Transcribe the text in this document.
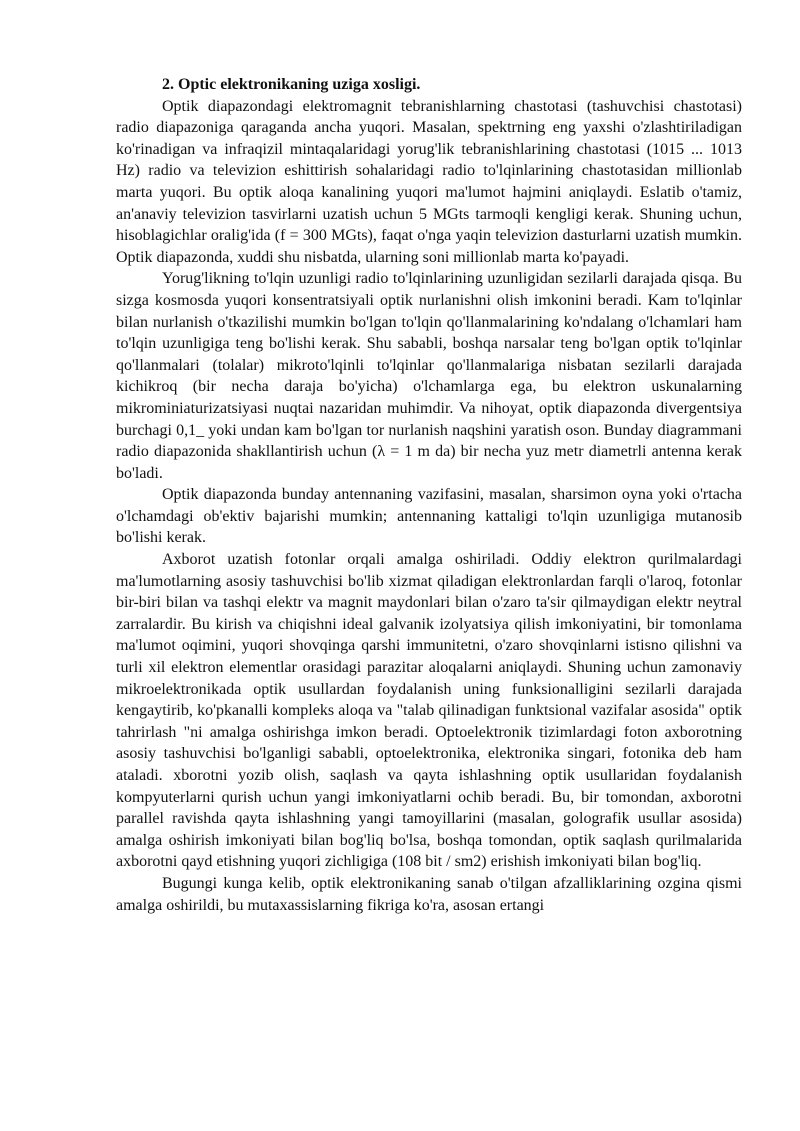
2. Optic elektronikaning uziga xosligi.

Optik diapazondagi elektromagnit tebranishlarning chastotasi (tashuvchisi chastotasi) radio diapazoniga qaraganda ancha yuqori. Masalan, spektrning eng yaxshi o'zlashtiriladigan ko'rinadigan va infraqizil mintaqalaridagi yorug'lik tebranishlarining chastotasi (1015 ... 1013 Hz) radio va televizion eshittirish sohalaridagi radio to'lqinlarining chastotasidan millionlab marta yuqori. Bu optik aloqa kanalining yuqori ma'lumot hajmini aniqlaydi. Eslatib o'tamiz, an'anaviy televizion tasvirlarni uzatish uchun 5 MGts tarmoqli kengligi kerak. Shuning uchun, hisoblagichlar oralig'ida (f = 300 MGts), faqat o'nga yaqin televizion dasturlarni uzatish mumkin. Optik diapazonda, xuddi shu nisbatda, ularning soni millionlab marta ko'payadi.

Yorug'likning to'lqin uzunligi radio to'lqinlarining uzunligidan sezilarli darajada qisqa. Bu sizga kosmosda yuqori konsentratsiyali optik nurlanishni olish imkonini beradi. Kam to'lqinlar bilan nurlanish o'tkazilishi mumkin bo'lgan to'lqin qo'llanmalarining ko'ndalang o'lchamlari ham to'lqin uzunligiga teng bo'lishi kerak. Shu sababli, boshqa narsalar teng bo'lgan optik to'lqinlar qo'llanmalari (tolalar) mikroto'lqinli to'lqinlar qo'llanmalariga nisbatan sezilarli darajada kichikroq (bir necha daraja bo'yicha) o'lchamlarga ega, bu elektron uskunalarning mikrominiaturizatsiyasi nuqtai nazaridan muhimdir. Va nihoyat, optik diapazonda divergentsiya burchagi 0,1_ yoki undan kam bo'lgan tor nurlanish naqshini yaratish oson. Bunday diagrammani radio diapazonida shakllantirish uchun (λ = 1 m da) bir necha yuz metr diametrli antenna kerak bo'ladi.

Optik diapazonda bunday antennaning vazifasini, masalan, sharsimon oyna yoki o'rtacha o'lchamdagi ob'ektiv bajarishi mumkin; antennaning kattaligi to'lqin uzunligiga mutanosib bo'lishi kerak.

Axborot uzatish fotonlar orqali amalga oshiriladi. Oddiy elektron qurilmalardagi ma'lumotlarning asosiy tashuvchisi bo'lib xizmat qiladigan elektronlardan farqli o'laroq, fotonlar bir-biri bilan va tashqi elektr va magnit maydonlari bilan o'zaro ta'sir qilmaydigan elektr neytral zarralardir. Bu kirish va chiqishni ideal galvanik izolyatsiya qilish imkoniyatini, bir tomonlama ma'lumot oqimini, yuqori shovqinga qarshi immunitetni, o'zaro shovqinlarni istisno qilishni va turli xil elektron elementlar orasidagi parazitar aloqalarni aniqlaydi. Shuning uchun zamonaviy mikroelektronikada optik usullardan foydalanish uning funksionalligini sezilarli darajada kengaytirib, ko'pkanalli kompleks aloqa va "talab qilinadigan funktsional vazifalar asosida" optik tahrirlash "ni amalga oshirishga imkon beradi. Optoelektronik tizimlardagi foton axborotning asosiy tashuvchisi bo'lganligi sababli, optoelektronika, elektronika singari, fotonika deb ham ataladi. xborotni yozib olish, saqlash va qayta ishlashning optik usullaridan foydalanish kompyuterlarni qurish uchun yangi imkoniyatlarni ochib beradi. Bu, bir tomondan, axborotni parallel ravishda qayta ishlashning yangi tamoyillarini (masalan, golografik usullar asosida) amalga oshirish imkoniyati bilan bog'liq bo'lsa, boshqa tomondan, optik saqlash qurilmalarida axborotni qayd etishning yuqori zichligiga (108 bit / sm2) erishish imkoniyati bilan bog'liq.

Bugungi kunga kelib, optik elektronikaning sanab o'tilgan afzalliklarining ozgina qismi amalga oshirildi, bu mutaxassislarning fikriga ko'ra, asosan ertangi
